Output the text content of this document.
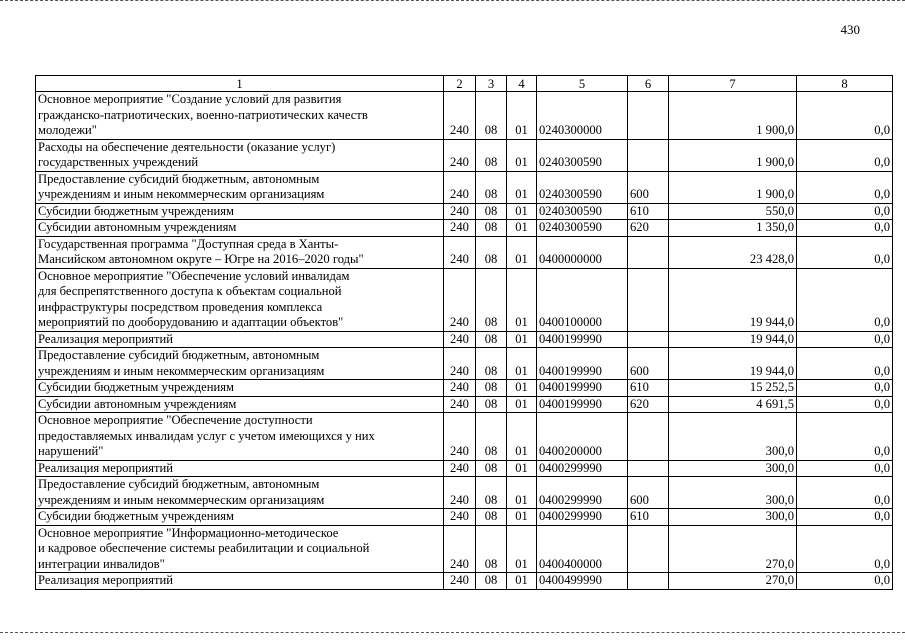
430
1	2	3	4	5	6	7	8

Основное мероприятие "Создание условий для развития
гражданско-патриотических, военно-патриотических качеств
молодежи"	240	08	01	0240300000		1 900,0	0,0

Расходы на обеспечение деятельности (оказание услуг)
государственных учреждений	240	08	01	0240300590		1 900,0	0,0

Предоставление субсидий бюджетным, автономным
учреждениям и иным некоммерческим организациям	240	08	01	0240300590	600	1 900,0	0,0

Субсидии бюджетным учреждениям	240	08	01	0240300590	610	550,0	0,0

Субсидии автономным учреждениям	240	08	01	0240300590	620	1 350,0	0,0

Государственная программа "Доступная среда в Ханты-
Мансийском автономном округе – Югре на 2016–2020 годы"	240	08	01	0400000000		23 428,0	0,0

Основное мероприятие "Обеспечение условий инвалидам
для беспрепятственного доступа к объектам социальной
инфраструктуры посредством проведения комплекса
мероприятий по дооборудованию и адаптации объектов"	240	08	01	0400100000		19 944,0	0,0

Реализация мероприятий	240	08	01	0400199990		19 944,0	0,0

Предоставление субсидий бюджетным, автономным
учреждениям и иным некоммерческим организациям	240	08	01	0400199990	600	19 944,0	0,0

Субсидии бюджетным учреждениям	240	08	01	0400199990	610	15 252,5	0,0

Субсидии автономным учреждениям	240	08	01	0400199990	620	4 691,5	0,0

Основное мероприятие "Обеспечение доступности
предоставляемых инвалидам услуг с учетом имеющихся у них
нарушений"	240	08	01	0400200000		300,0	0,0

Реализация мероприятий	240	08	01	0400299990		300,0	0,0

Предоставление субсидий бюджетным, автономным
учреждениям и иным некоммерческим организациям	240	08	01	0400299990	600	300,0	0,0

Субсидии бюджетным учреждениям	240	08	01	0400299990	610	300,0	0,0

Основное мероприятие "Информационно-методическое
и кадровое обеспечение системы реабилитации и социальной
интеграции инвалидов"	240	08	01	0400400000		270,0	0,0

Реализация мероприятий	240	08	01	0400499990		270,0	0,0
